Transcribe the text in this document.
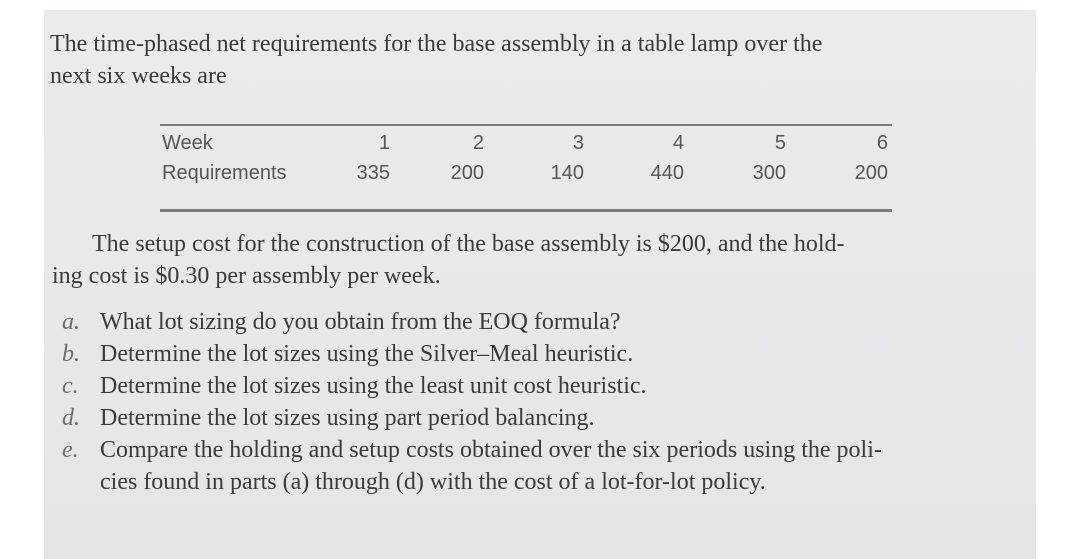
The time-phased net requirements for the base assembly in a table lamp over the
next six weeks are
Week	1	2	3	4	5	6
Requirements	335	200	140	440	300	200
The setup cost for the construction of the base assembly is $200, and the hold-
ing cost is $0.30 per assembly per week.
a. What lot sizing do you obtain from the EOQ formula?
b. Determine the lot sizes using the Silver–Meal heuristic.
c. Determine the lot sizes using the least unit cost heuristic.
d. Determine the lot sizes using part period balancing.
e. Compare the holding and setup costs obtained over the six periods using the poli-
cies found in parts (a) through (d) with the cost of a lot-for-lot policy.
